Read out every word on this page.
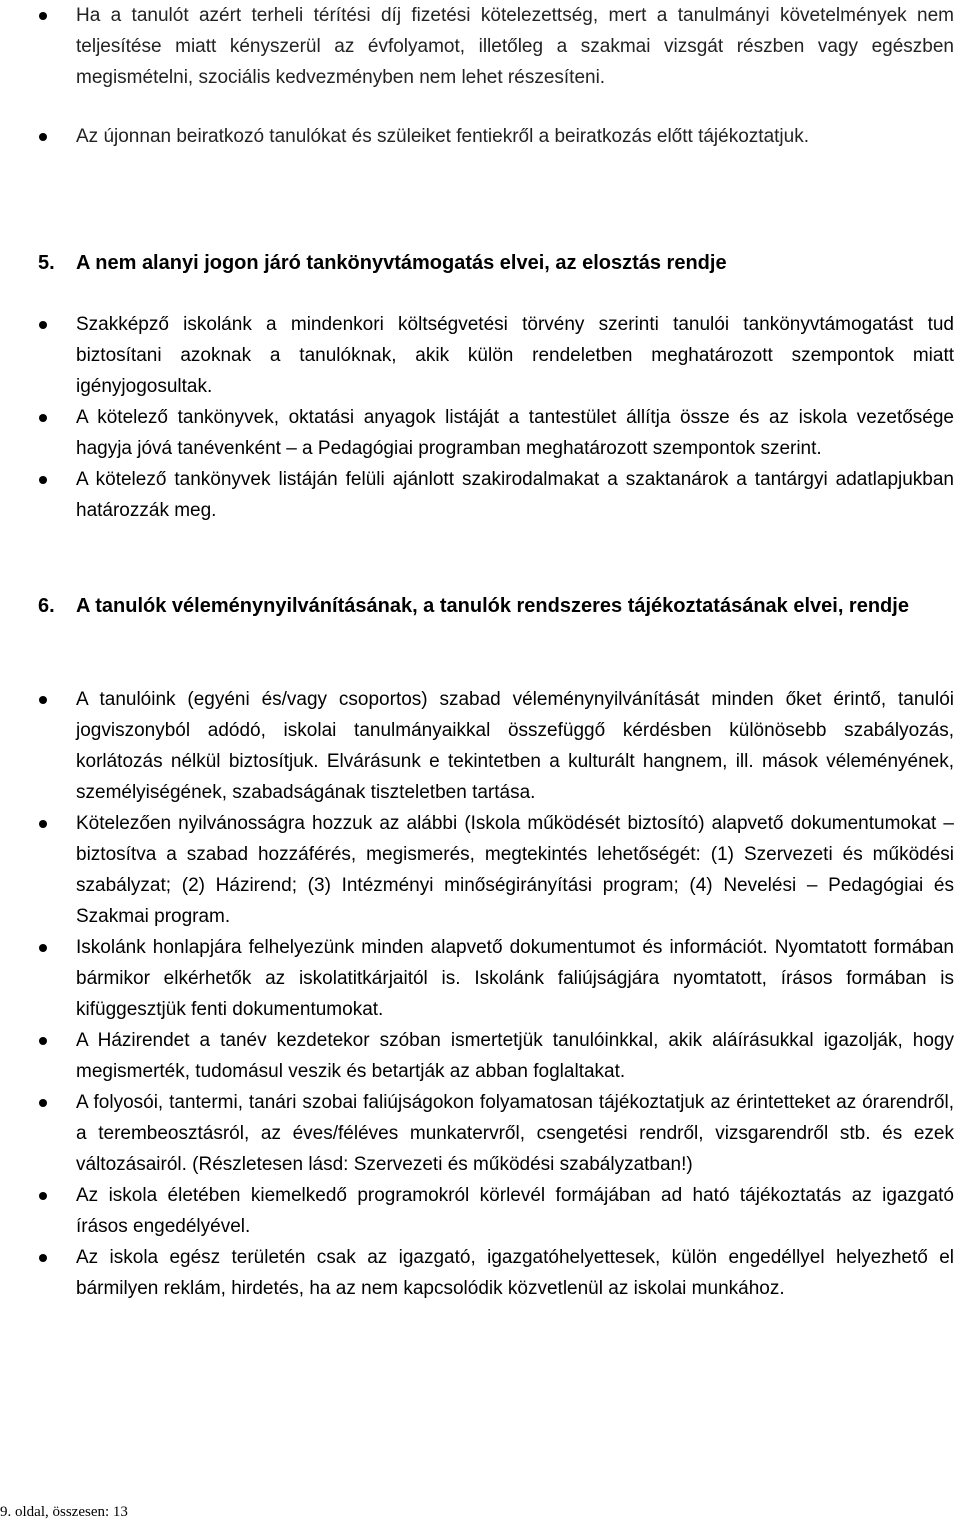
Ha a tanulót azért terheli térítési díj fizetési kötelezettség, mert a tanulmányi követelmények nem teljesítése miatt kényszerül az évfolyamot, illetőleg a szakmai vizsgát részben vagy egészben megismételni, szociális kedvezményben nem lehet részesíteni.
Az újonnan beiratkozó tanulókat és szüleiket fentiekről a beiratkozás előtt tájékoztatjuk.
5.	A nem alanyi jogon járó tankönyvtámogatás elvei, az elosztás rendje
Szakképző iskolánk a mindenkori költségvetési törvény szerinti tanulói tankönyvtámogatást tud biztosítani azoknak a tanulóknak, akik külön rendeletben meghatározott szempontok miatt igényjogosultak.
A kötelező tankönyvek, oktatási anyagok listáját a tantestület állítja össze és az iskola vezetősége hagyja jóvá tanévenként – a Pedagógiai programban meghatározott szempontok szerint.
A kötelező tankönyvek listáján felüli ajánlott szakirodalmakat a szaktanárok a tantárgyi adatlapjukban határozzák meg.
6.	A tanulók véleménynyilvánításának, a tanulók rendszeres tájékoztatásának elvei, rendje
A tanulóink (egyéni és/vagy csoportos) szabad véleménynyilvánítását minden őket érintő, tanulói jogviszonyból adódó, iskolai tanulmányaikkal összefüggő kérdésben különösebb szabályozás, korlátozás nélkül biztosítjuk. Elvárásunk e tekintetben a kulturált hangnem, ill. mások véleményének, személyiségének, szabadságának tiszteletben tartása.
Kötelezően nyilvánosságra hozzuk az alábbi (Iskola működését biztosító) alapvető dokumentumokat – biztosítva a szabad hozzáférés, megismerés, megtekintés lehetőségét: (1) Szervezeti és működési szabályzat; (2) Házirend; (3) Intézményi minőségirányítási program; (4) Nevelési – Pedagógiai és Szakmai program.
Iskolánk honlapjára felhelyezünk minden alapvető dokumentumot és információt. Nyomtatott formában bármikor elkérhetők az iskolatitkárjaitól is. Iskolánk faliújságjára nyomtatott, írásos formában is kifüggesztjük fenti dokumentumokat.
A Házirendet a tanév kezdetekor szóban ismertetjük tanulóinkkal, akik aláírásukkal igazolják, hogy megismerték, tudomásul veszik és betartják az abban foglaltakat.
A folyosói, tantermi, tanári szobai faliújságokon folyamatosan tájékoztatjuk az érintetteket az órarendről, a terembeosztásról, az éves/féléves munkatervről, csengetési rendről, vizsgarendről stb. és ezek változásairól. (Részletesen lásd: Szervezeti és működési szabályzatban!)
Az iskola életében kiemelkedő programokról körlevél formájában ad ható tájékoztatás az igazgató írásos engedélyével.
Az iskola egész területén csak az igazgató, igazgatóhelyettesek, külön engedéllyel helyezhető el bármilyen reklám, hirdetés, ha az nem kapcsolódik közvetlenül az iskolai munkához.
9. oldal, összesen: 13
